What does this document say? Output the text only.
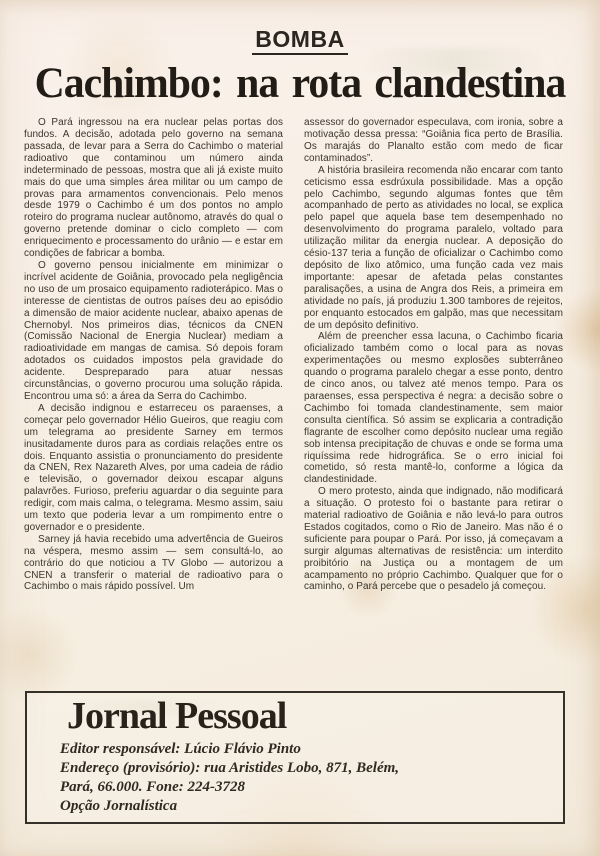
BOMBA
Cachimbo: na rota clandestina

O Pará ingressou na era nuclear pelas portas dos fundos. A decisão, adotada pelo governo na semana passada, de levar para a Serra do Cachimbo o material radioativo que contaminou um número ainda indeterminado de pessoas, mostra que ali já existe muito mais do que uma simples área militar ou um campo de provas para armamentos convencionais. Pelo menos desde 1979 o Cachimbo é um dos pontos no amplo roteiro do programa nuclear autônomo, através do qual o governo pretende dominar o ciclo completo — com enriquecimento e processamento do urânio — e estar em condições de fabricar a bomba.

O governo pensou inicialmente em minimizar o incrível acidente de Goiânia, provocado pela negligência no uso de um prosaico equipamento radioterápico. Mas o interesse de cientistas de outros países deu ao episódio a dimensão de maior acidente nuclear, abaixo apenas de Chernobyl. Nos primeiros dias, técnicos da CNEN (Comissão Nacional de Energia Nuclear) mediam a radioatividade em mangas de camisa. Só depois foram adotados os cuidados impostos pela gravidade do acidente. Despreparado para atuar nessas circunstâncias, o governo procurou uma solução rápida. Encontrou uma só: a área da Serra do Cachimbo.

A decisão indignou e estarreceu os paraenses, a começar pelo governador Hélio Gueiros, que reagiu com um telegrama ao presidente Sarney em termos inusitadamente duros para as cordiais relações entre os dois. Enquanto assistia o pronunciamento do presidente da CNEN, Rex Nazareth Alves, por uma cadeia de rádio e televisão, o governador deixou escapar alguns palavrões. Furioso, preferiu aguardar o dia seguinte para redigir, com mais calma, o telegrama. Mesmo assim, saiu um texto que poderia levar a um rompimento entre o governador e o presidente.

Sarney já havia recebido uma advertência de Gueiros na véspera, mesmo assim — sem consultá-lo, ao contrário do que noticiou a TV Globo — autorizou a CNEN a transferir o material de radioativo para o Cachimbo o mais rápido possível. Um

assessor do governador especulava, com ironia, sobre a motivação dessa pressa: “Goiânia fica perto de Brasília. Os marajás do Planalto estão com medo de ficar contaminados”.

A história brasileira recomenda não encarar com tanto ceticismo essa esdrúxula possibilidade. Mas a opção pelo Cachimbo, segundo algumas fontes que têm acompanhado de perto as atividades no local, se explica pelo papel que aquela base tem desempenhado no desenvolvimento do programa paralelo, voltado para utilização militar da energia nuclear. A deposição do césio-137 teria a função de oficializar o Cachimbo como depósito de lixo atômico, uma função cada vez mais importante: apesar de afetada pelas constantes paralisações, a usina de Angra dos Reis, a primeira em atividade no país, já produziu 1.300 tambores de rejeitos, por enquanto estocados em galpão, mas que necessitam de um depósito definitivo.

Além de preencher essa lacuna, o Cachimbo ficaria oficializado também como o local para as novas experimentações ou mesmo explosões subterrâneo quando o programa paralelo chegar a esse ponto, dentro de cinco anos, ou talvez até menos tempo. Para os paraenses, essa perspectiva é negra: a decisão sobre o Cachimbo foi tomada clandestinamente, sem maior consulta científica. Só assim se explicaria a contradição flagrante de escolher como depósito nuclear uma região sob intensa precipitação de chuvas e onde se forma uma riquíssima rede hidrográfica. Se o erro inicial foi cometido, só resta mantê-lo, conforme a lógica da clandestinidade.

O mero protesto, ainda que indignado, não modificará a situação. O protesto foi o bastante para retirar o material radioativo de Goiânia e não levá-lo para outros Estados cogitados, como o Rio de Janeiro. Mas não é o suficiente para poupar o Pará. Por isso, já começavam a surgir algumas alternativas de resistência: um interdito proibitório na Justiça ou a montagem de um acampamento no próprio Cachimbo. Qualquer que for o caminho, o Pará percebe que o pesadelo já começou.

Jornal Pessoal

Editor responsável: Lúcio Flávio Pinto

Endereço (provisório): rua Aristides Lobo, 871, Belém,

Pará, 66.000. Fone: 224-3728

Opção Jornalística
